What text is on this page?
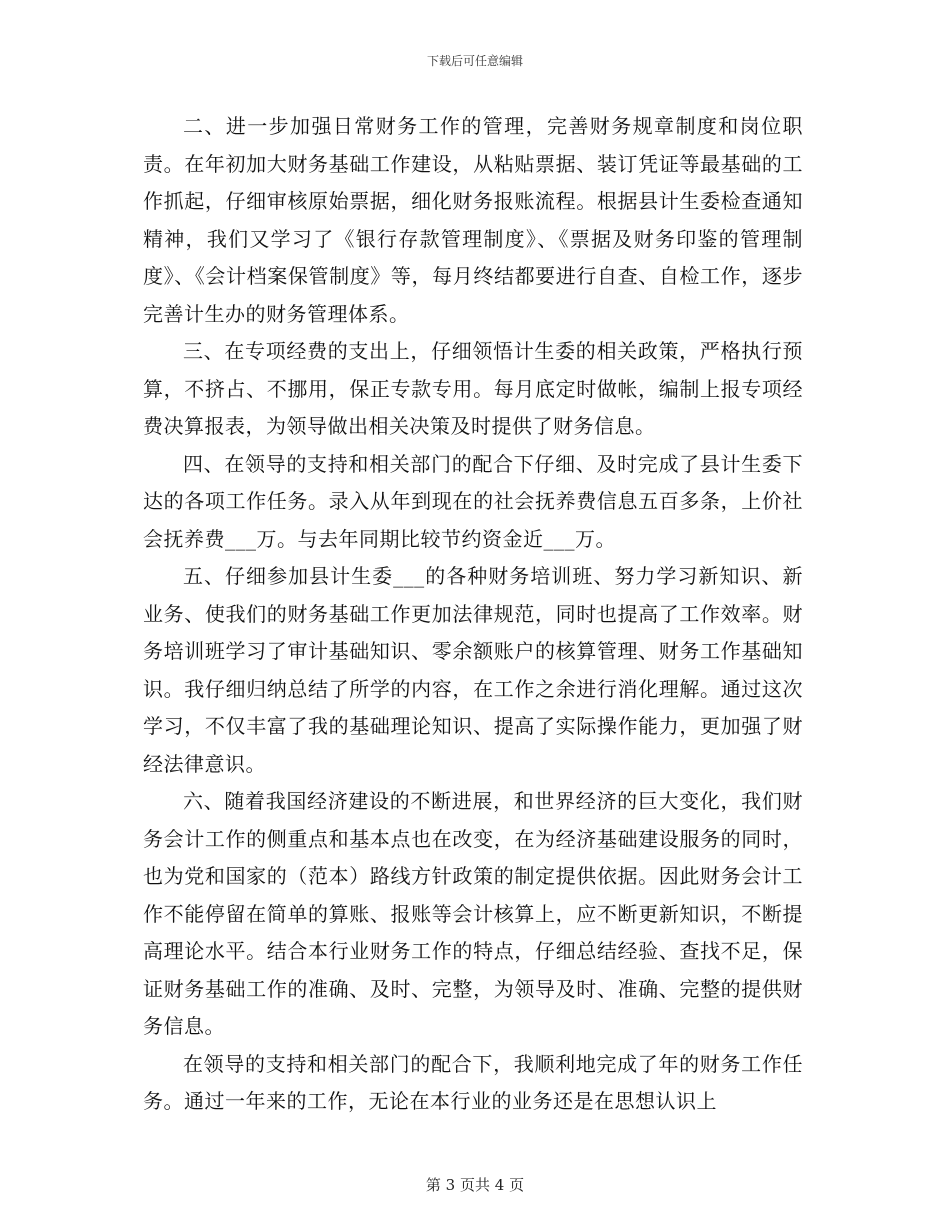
下载后可任意编辑

二、进一步加强日常财务工作的管理，完善财务规章制度和岗位职责。在年初加大财务基础工作建设，从粘贴票据、装订凭证等最基础的工作抓起，仔细审核原始票据，细化财务报账流程。根据县计生委检查通知精神，我们又学习了《银行存款管理制度》、《票据及财务印鉴的管理制度》、《会计档案保管制度》等，每月终结都要进行自查、自检工作，逐步完善计生办的财务管理体系。

三、在专项经费的支出上，仔细领悟计生委的相关政策，严格执行预算，不挤占、不挪用，保正专款专用。每月底定时做帐，编制上报专项经费决算报表，为领导做出相关决策及时提供了财务信息。

四、在领导的支持和相关部门的配合下仔细、及时完成了县计生委下达的各项工作任务。录入从年到现在的社会抚养费信息五百多条，上价社会抚养费___万。与去年同期比较节约资金近___万。

五、仔细参加县计生委___的各种财务培训班、努力学习新知识、新业务、使我们的财务基础工作更加法律规范，同时也提高了工作效率。财务培训班学习了审计基础知识、零余额账户的核算管理、财务工作基础知识。我仔细归纳总结了所学的内容，在工作之余进行消化理解。通过这次学习，不仅丰富了我的基础理论知识、提高了实际操作能力，更加强了财经法律意识。

六、随着我国经济建设的不断进展，和世界经济的巨大变化，我们财务会计工作的侧重点和基本点也在改变，在为经济基础建设服务的同时，也为党和国家的（范本）路线方针政策的制定提供依据。因此财务会计工作不能停留在简单的算账、报账等会计核算上，应不断更新知识，不断提高理论水平。结合本行业财务工作的特点，仔细总结经验、查找不足，保证财务基础工作的准确、及时、完整，为领导及时、准确、完整的提供财务信息。

在领导的支持和相关部门的配合下，我顺利地完成了年的财务工作任务。通过一年来的工作，无论在本行业的业务还是在思想认识上

第 3 页共 4 页
